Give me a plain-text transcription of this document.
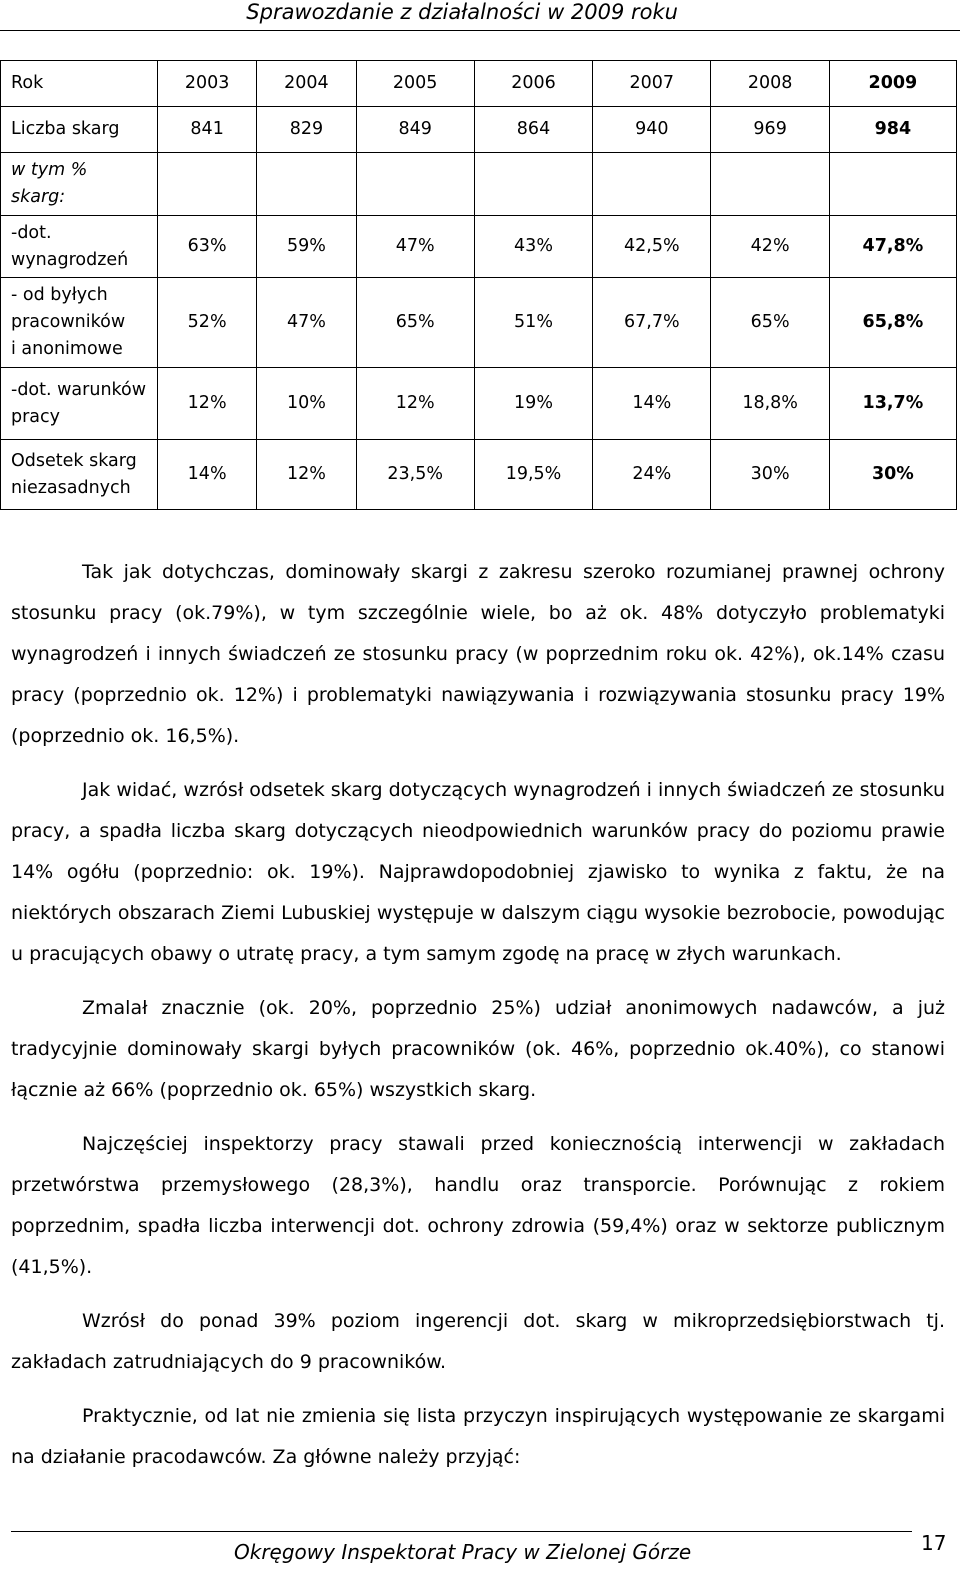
Sprawozdanie z działalności w 2009 roku
Rok	2003	2004	2005	2006	2007	2008	2009
Liczba skarg	841	829	849	864	940	969	984
w tym %
skarg:							
-dot.
wynagrodzeń	63%	59%	47%	43%	42,5%	42%	47,8%
- od byłych
pracowników
i anonimowe	52%	47%	65%	51%	67,7%	65%	65,8%
-dot. warunków
pracy	12%	10%	12%	19%	14%	18,8%	13,7%
Odsetek skarg
niezasadnych	14%	12%	23,5%	19,5%	24%	30%	30%

Tak jak dotychczas, dominowały skargi z zakresu szeroko rozumianej prawnej ochrony stosunku pracy (ok.79%), w tym szczególnie wiele, bo aż ok. 48% dotyczyło problematyki wynagrodzeń i innych świadczeń ze stosunku pracy (w poprzednim roku ok. 42%), ok.14% czasu pracy (poprzednio ok. 12%) i problematyki nawiązywania i rozwiązywania stosunku pracy 19% (poprzednio ok. 16,5%).

Jak widać, wzrósł odsetek skarg dotyczących wynagrodzeń i innych świadczeń ze stosunku pracy, a spadła liczba skarg dotyczących nieodpowiednich warunków pracy do poziomu prawie 14% ogółu (poprzednio: ok. 19%). Najprawdopodobniej zjawisko to wynika z faktu, że na niektórych obszarach Ziemi Lubuskiej występuje w dalszym ciągu wysokie bezrobocie, powodując u pracujących obawy o utratę pracy, a tym samym zgodę na pracę w złych warunkach.

Zmalał znacznie (ok. 20%, poprzednio 25%) udział anonimowych nadawców, a już tradycyjnie dominowały skargi byłych pracowników (ok. 46%, poprzednio ok.40%), co stanowi łącznie aż 66% (poprzednio ok. 65%) wszystkich skarg.

Najczęściej inspektorzy pracy stawali przed koniecznością interwencji w zakładach przetwórstwa przemysłowego (28,3%), handlu oraz transporcie. Porównując z rokiem poprzednim, spadła liczba interwencji dot. ochrony zdrowia (59,4%) oraz w sektorze publicznym (41,5%).

Wzrósł do ponad 39% poziom ingerencji dot. skarg w mikroprzedsiębiorstwach tj. zakładach zatrudniających do 9 pracowników.

Praktycznie, od lat nie zmienia się lista przyczyn inspirujących występowanie ze skargami na działanie pracodawców. Za główne należy przyjąć:

Okręgowy Inspektorat Pracy w Zielonej Górze	17
